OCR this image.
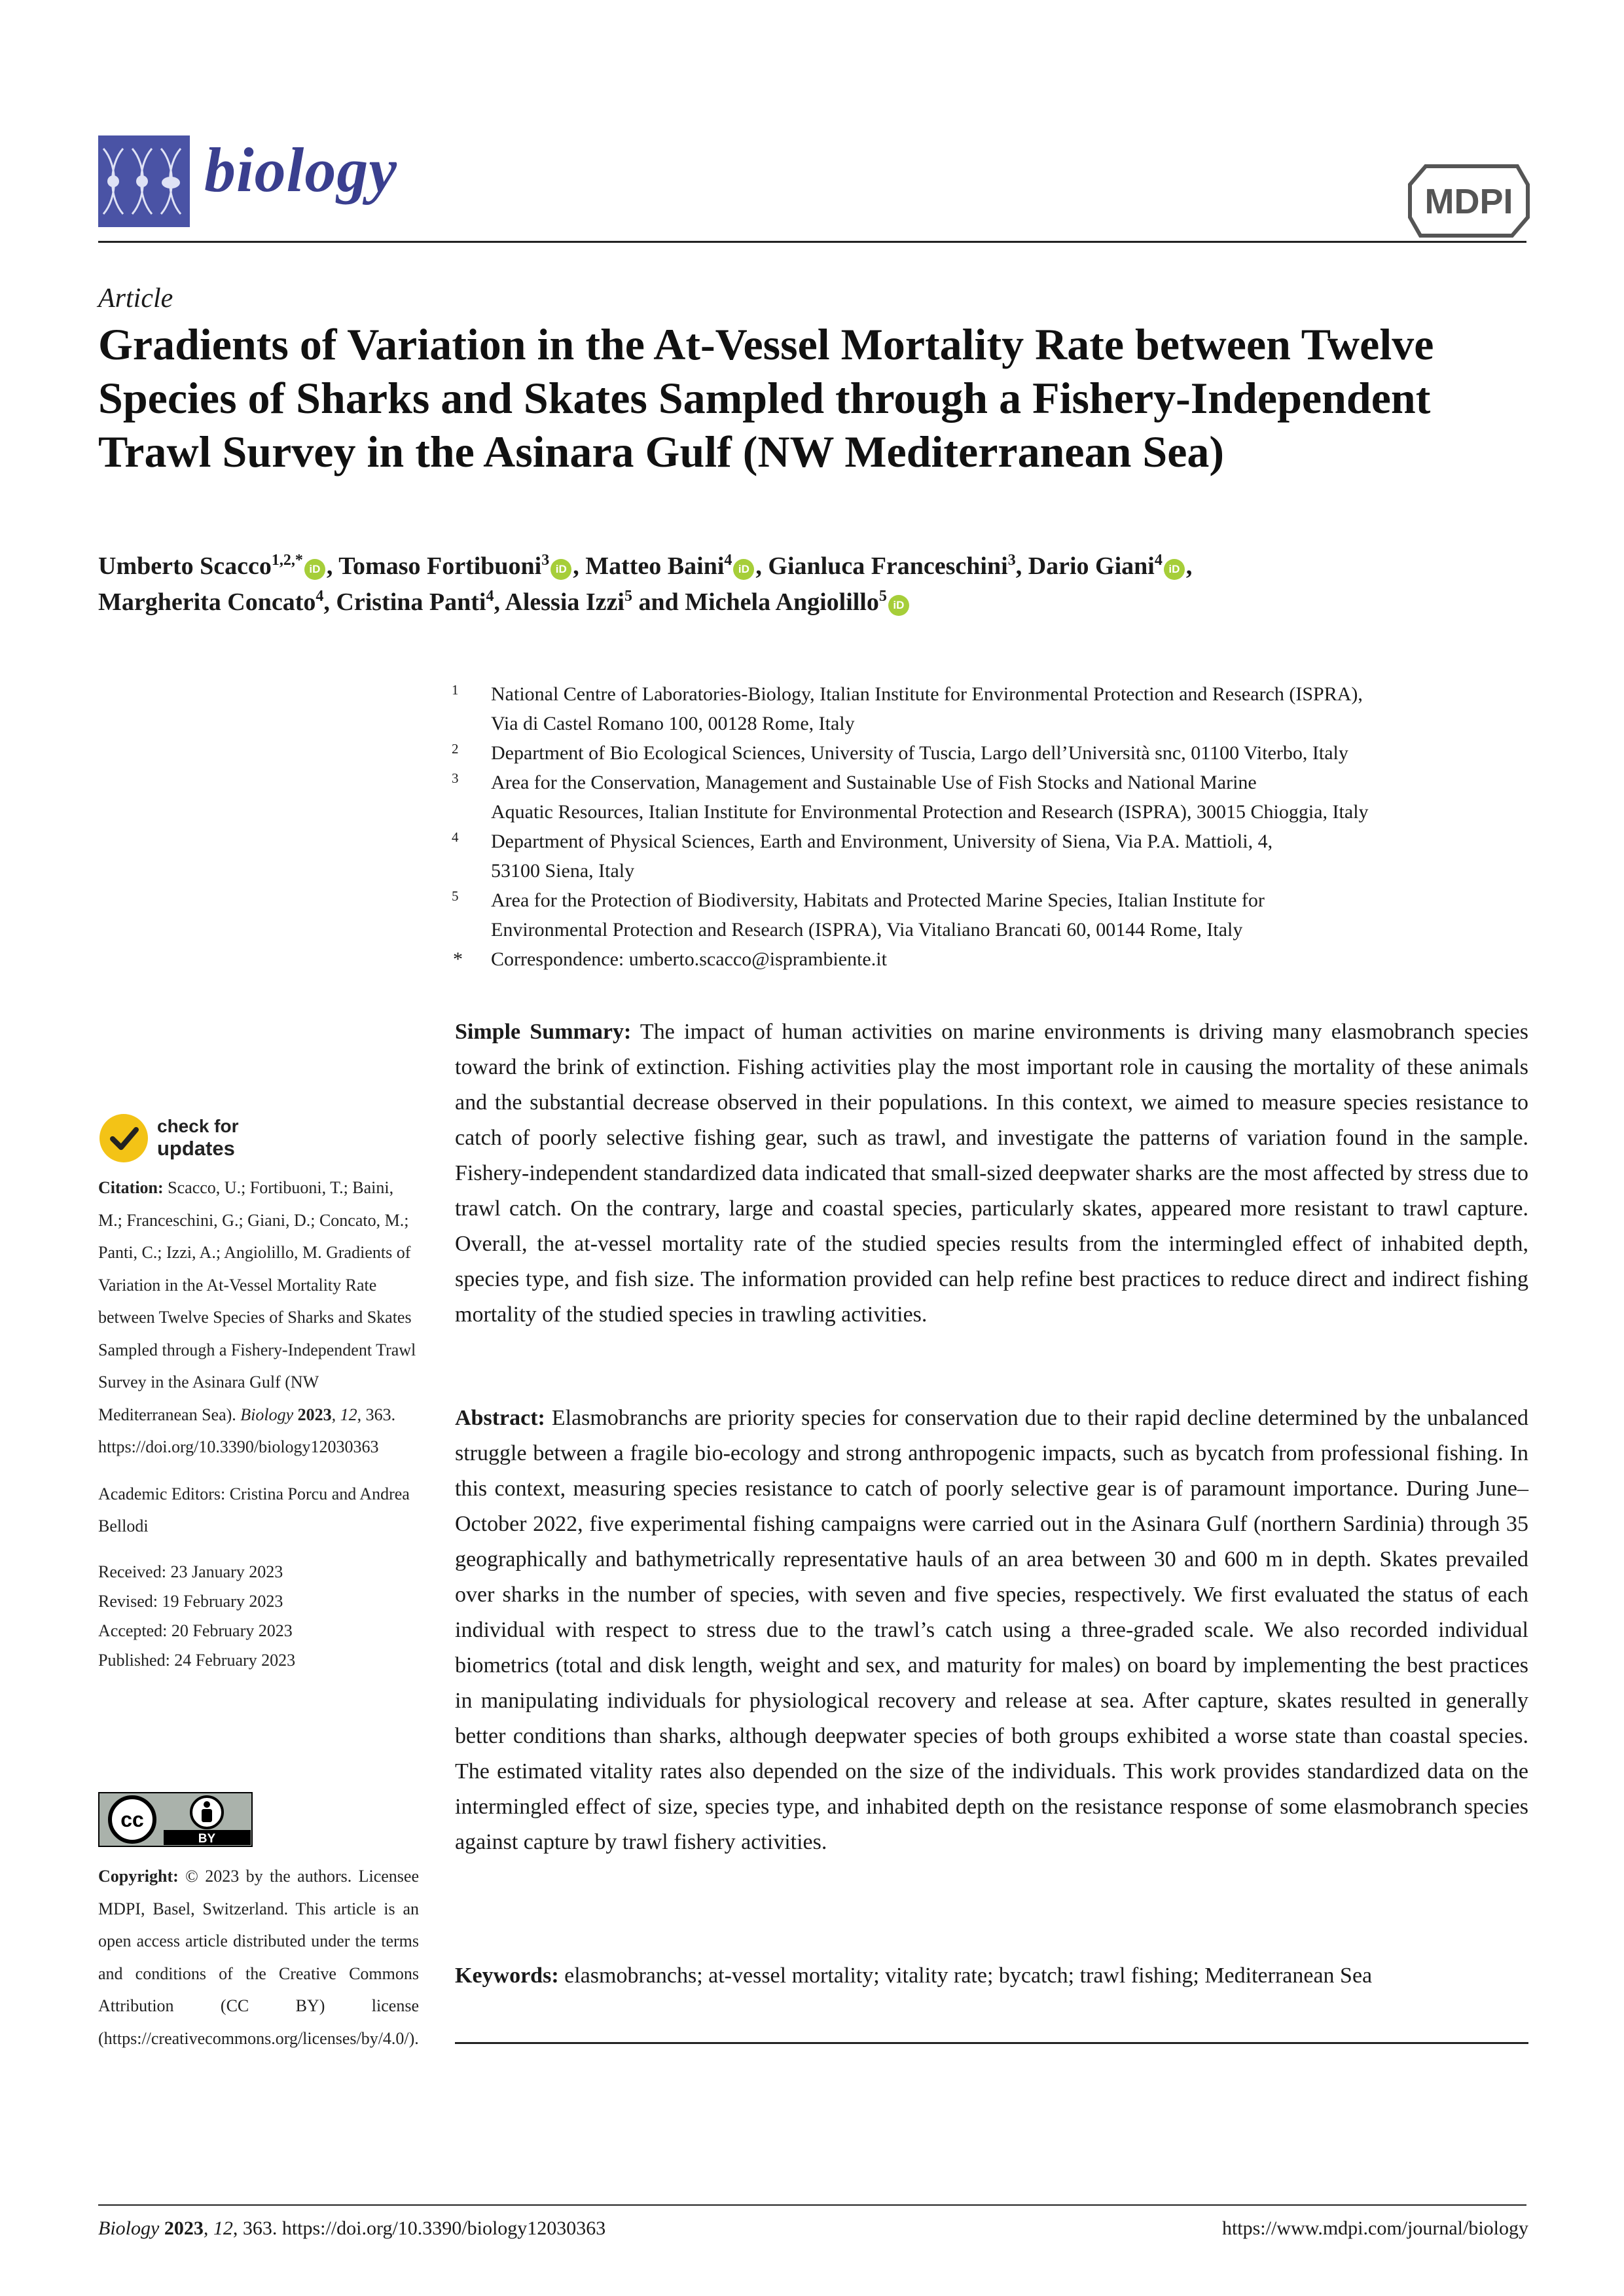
biology	MDPI
Article
Gradients of Variation in the At-Vessel Mortality Rate between Twelve Species of Sharks and Skates Sampled through a Fishery-Independent Trawl Survey in the Asinara Gulf (NW Mediterranean Sea)
Umberto Scacco$^{1,2,*}$iD , Tomaso Fortibuoni$^3$iD , Matteo Baini$^4$iD , Gianluca Franceschini$^3$, Dario Giani$^4$iD ,
Margherita Concato$^4$, Cristina Panti$^4$, Alessia Izzi$^5$ and Michela Angiolillo$^5$iD
1 National Centre of Laboratories-Biology, Italian Institute for Environmental Protection and Research (ISPRA),
Via di Castel Romano 100, 00128 Rome, Italy
2 Department of Bio Ecological Sciences, University of Tuscia, Largo dell’Università snc, 01100 Viterbo, Italy
3 Area for the Conservation, Management and Sustainable Use of Fish Stocks and National Marine
Aquatic Resources, Italian Institute for Environmental Protection and Research (ISPRA), 30015 Chioggia, Italy
4 Department of Physical Sciences, Earth and Environment, University of Siena, Via P.A. Mattioli, 4,
53100 Siena, Italy
5 Area for the Protection of Biodiversity, Habitats and Protected Marine Species, Italian Institute for
Environmental Protection and Research (ISPRA), Via Vitaliano Brancati 60, 00144 Rome, Italy
* Correspondence: umberto.scacco@isprambiente.it
check for
updates

Citation: Scacco, U.; Fortibuoni, T.; Baini, M.; Franceschini, G.; Giani, D.; Concato, M.; Panti, C.; Izzi, A.; Angiolillo, M. Gradients of Variation in the At-Vessel Mortality Rate between Twelve Species of Sharks and Skates Sampled through a Fishery-Independent Trawl Survey in the Asinara Gulf (NW Mediterranean Sea). Biology 2023, 12, 363. https://doi.org/10.3390/biology12030363

Academic Editors: Cristina Porcu and Andrea Bellodi

Received: 23 January 2023

Revised: 19 February 2023

Accepted: 20 February 2023

Published: 24 February 2023

cc
BY
Copyright: © 2023 by the authors. Licensee MDPI, Basel, Switzerland. This article is an open access article distributed under the terms and conditions of the Creative Commons Attribution (CC BY) license (https://creativecommons.org/licenses/by/4.0/).
Simple Summary: The impact of human activities on marine environments is driving many elasmobranch species toward the brink of extinction. Fishing activities play the most important role in causing the mortality of these animals and the substantial decrease observed in their populations. In this context, we aimed to measure species resistance to catch of poorly selective fishing gear, such as trawl, and investigate the patterns of variation found in the sample. Fishery-independent standardized data indicated that small-sized deepwater sharks are the most affected by stress due to trawl catch. On the contrary, large and coastal species, particularly skates, appeared more resistant to trawl capture. Overall, the at-vessel mortality rate of the studied species results from the intermingled effect of inhabited depth, species type, and fish size. The information provided can help refine best practices to reduce direct and indirect fishing mortality of the studied species in trawling activities.
Abstract: Elasmobranchs are priority species for conservation due to their rapid decline determined by the unbalanced struggle between a fragile bio-ecology and strong anthropogenic impacts, such as bycatch from professional fishing. In this context, measuring species resistance to catch of poorly selective gear is of paramount importance. During June–October 2022, five experimental fishing campaigns were carried out in the Asinara Gulf (northern Sardinia) through 35 geographically and bathymetrically representative hauls of an area between 30 and 600 m in depth. Skates prevailed over sharks in the number of species, with seven and five species, respectively. We first evaluated the status of each individual with respect to stress due to the trawl’s catch using a three-graded scale. We also recorded individual biometrics (total and disk length, weight and sex, and maturity for males) on board by implementing the best practices in manipulating individuals for physiological recovery and release at sea. After capture, skates resulted in generally better conditions than sharks, although deepwater species of both groups exhibited a worse state than coastal species. The estimated vitality rates also depended on the size of the individuals. This work provides standardized data on the intermingled effect of size, species type, and inhabited depth on the resistance response of some elasmobranch species against capture by trawl fishery activities.
Keywords: elasmobranchs; at-vessel mortality; vitality rate; bycatch; trawl fishing; Mediterranean Sea
Biology 2023, 12, 363. https://doi.org/10.3390/biology12030363	https://www.mdpi.com/journal/biology
